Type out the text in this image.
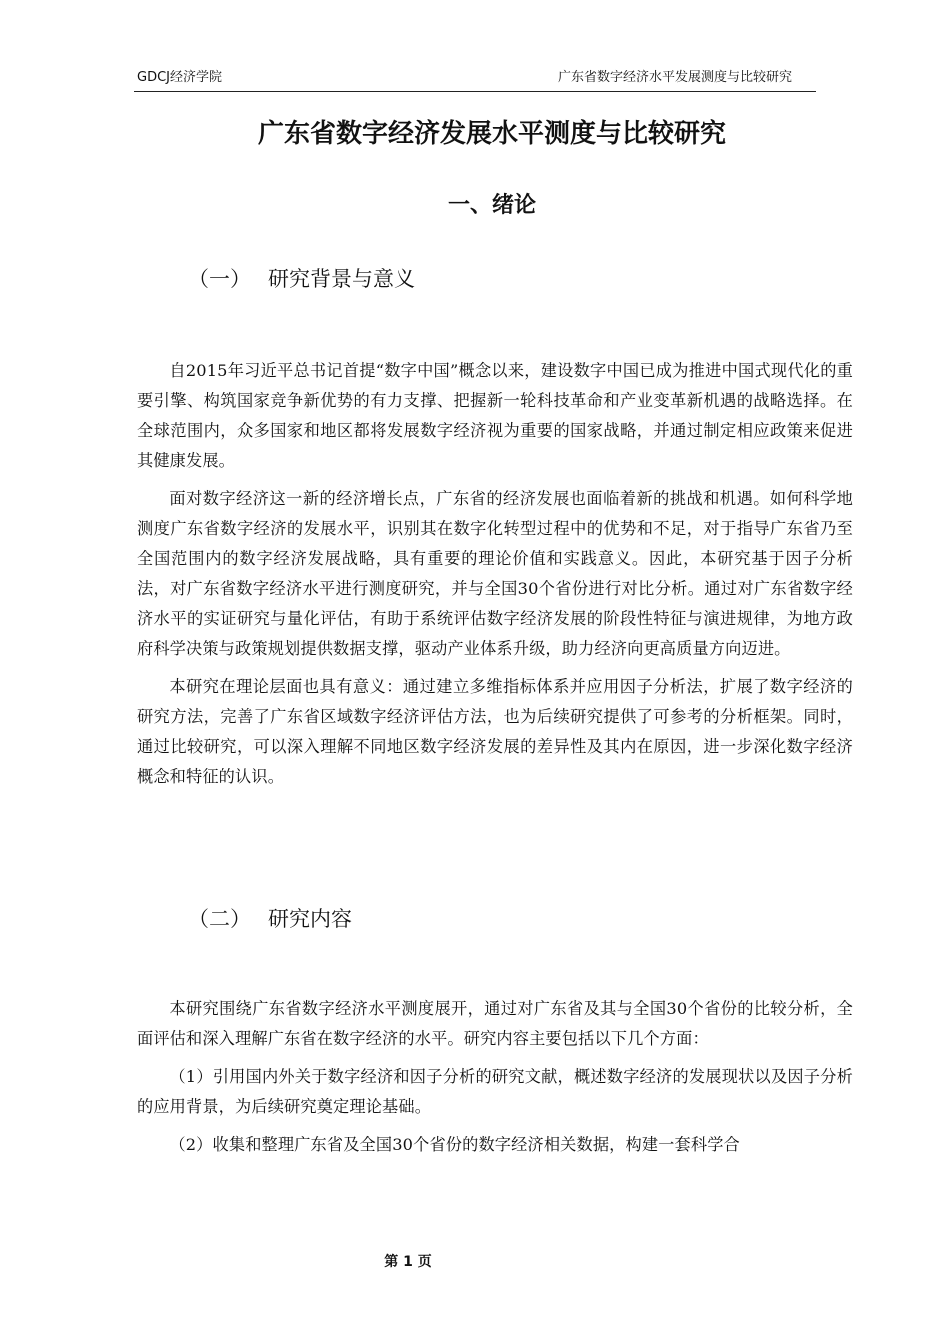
GDCJ经济学院	广东省数字经济水平发展测度与比较研究
广东省数字经济发展水平测度与比较研究
一、绪论
（一） 研究背景与意义

自2015年习近平总书记首提“数字中国”概念以来，建设数字中国已成为推进中国式现代化的重要引擎、构筑国家竞争新优势的有力支撑、把握新一轮科技革命和产业变革新机遇的战略选择。在全球范围内，众多国家和地区都将发展数字经济视为重要的国家战略，并通过制定相应政策来促进其健康发展。

面对数字经济这一新的经济增长点，广东省的经济发展也面临着新的挑战和机遇。如何科学地测度广东省数字经济的发展水平，识别其在数字化转型过程中的优势和不足，对于指导广东省乃至全国范围内的数字经济发展战略，具有重要的理论价值和实践意义。因此，本研究基于因子分析法，对广东省数字经济水平进行测度研究，并与全国30个省份进行对比分析。通过对广东省数字经济水平的实证研究与量化评估，有助于系统评估数字经济发展的阶段性特征与演进规律，为地方政府科学决策与政策规划提供数据支撑，驱动产业体系升级，助力经济向更高质量方向迈进。

本研究在理论层面也具有意义：通过建立多维指标体系并应用因子分析法，扩展了数字经济的研究方法，完善了广东省区域数字经济评估方法，也为后续研究提供了可参考的分析框架。同时，通过比较研究，可以深入理解不同地区数字经济发展的差异性及其内在原因，进一步深化数字经济概念和特征的认识。

（二） 研究内容

本研究围绕广东省数字经济水平测度展开，通过对广东省及其与全国30个省份的比较分析，全面评估和深入理解广东省在数字经济的水平。研究内容主要包括以下几个方面：

（1）引用国内外关于数字经济和因子分析的研究文献，概述数字经济的发展现状以及因子分析的应用背景，为后续研究奠定理论基础。

（2）收集和整理广东省及全国30个省份的数字经济相关数据，构建一套科学合

第 1 页
